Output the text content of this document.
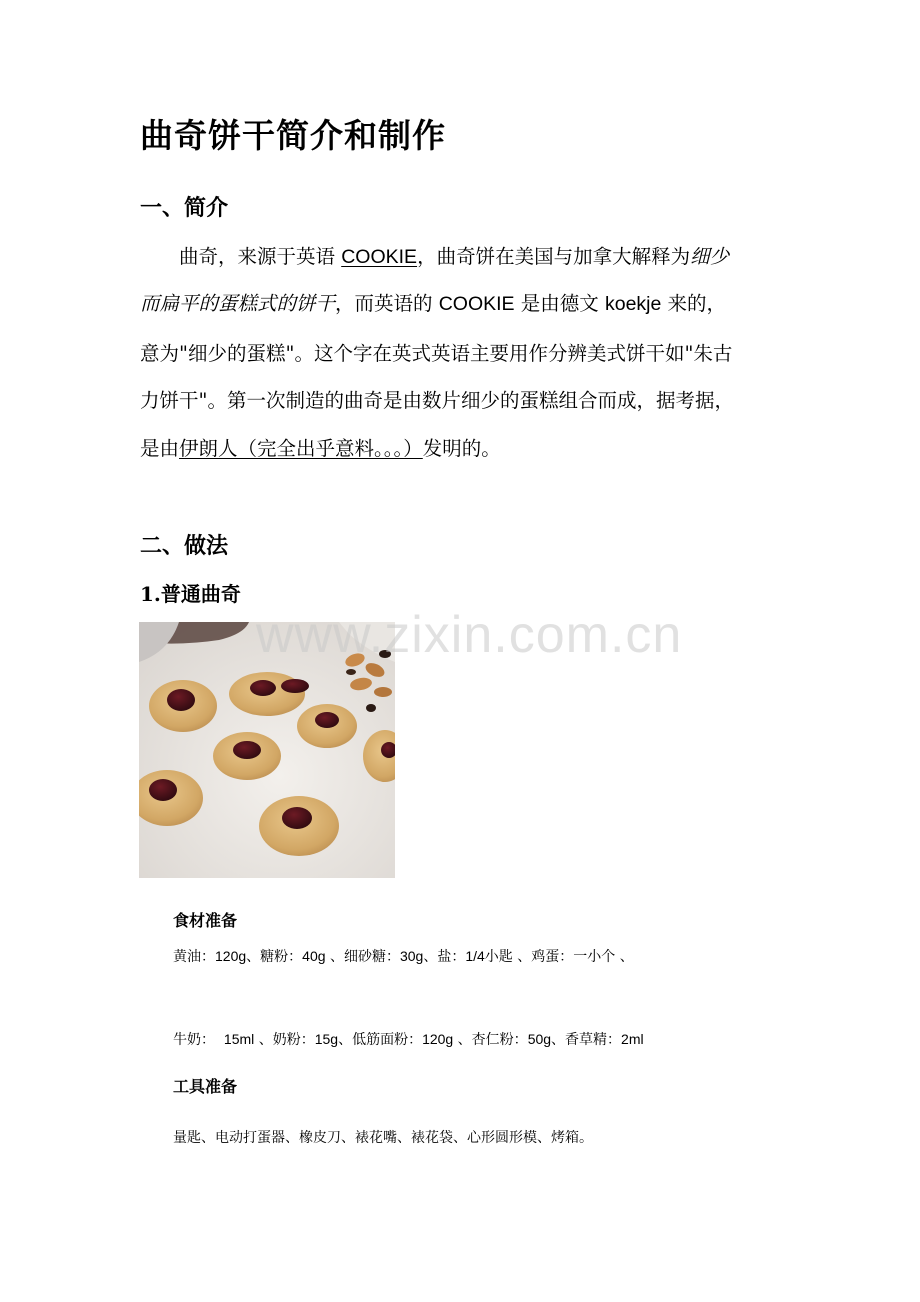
曲奇饼干简介和制作
一、简介
　　曲奇，来源于英语 COOKIE，曲奇饼在美国与加拿大解释为细少
而扁平的蛋糕式的饼干，而英语的 COOKIE 是由德文 koekje 来的，
意为"细少的蛋糕"。这个字在英式英语主要用作分辨美式饼干如"朱古
力饼干"。第一次制造的曲奇是由数片细少的蛋糕组合而成，据考据，
是由伊朗人（完全出乎意料。。。）发明的。
二、做法
1.普通曲奇
www.zixin.com.cn
食材准备
黄油：120g、糖粉：40g 、细砂糖：30g、盐：1/4小匙 、鸡蛋：一小个 、
牛奶：  15ml 、奶粉：15g、低筋面粉：120g 、杏仁粉：50g、香草精：2ml
工具准备
量匙、电动打蛋器、橡皮刀、裱花嘴、裱花袋、心形圆形模、烤箱。
